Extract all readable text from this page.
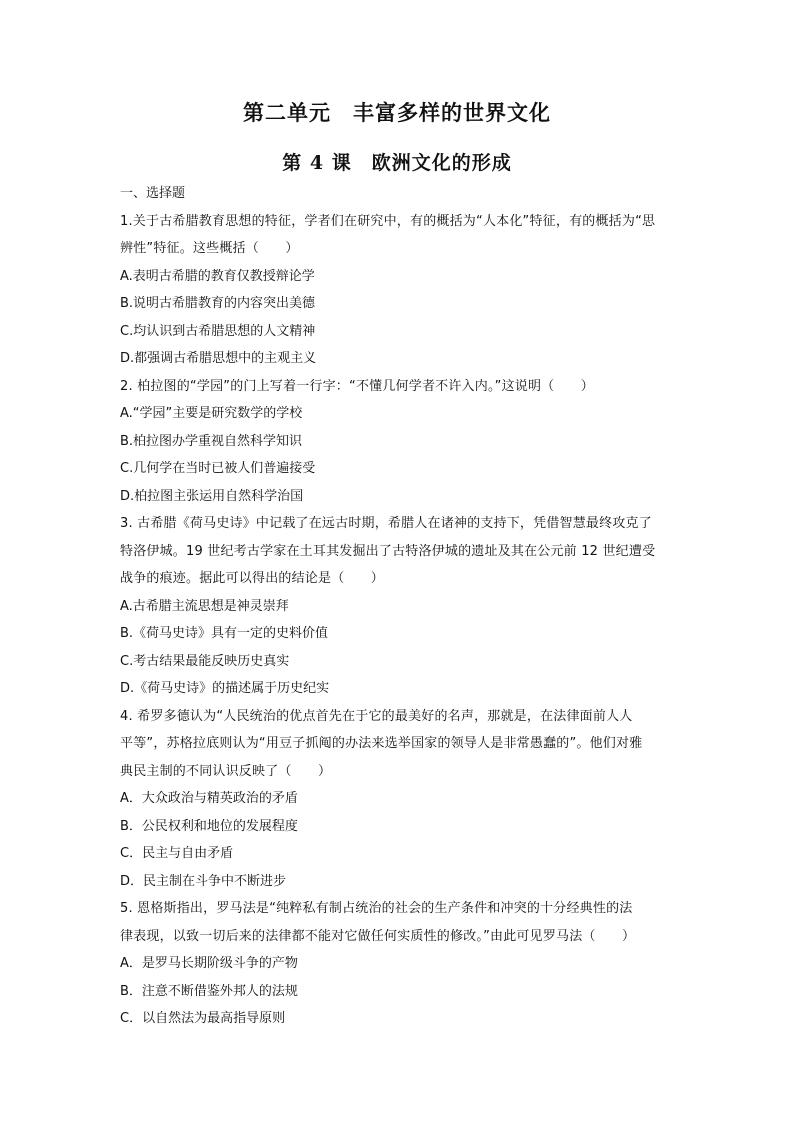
第二单元　丰富多样的世界文化
第 4 课　欧洲文化的形成
一、选择题
1.关于古希腊教育思想的特征，学者们在研究中，有的概括为“人本化”特征，有的概括为“思
辨性”特征。这些概括（　　）
A.表明古希腊的教育仅教授辩论学
B.说明古希腊教育的内容突出美德
C.均认识到古希腊思想的人文精神
D.都强调古希腊思想中的主观主义
2. 柏拉图的“学园”的门上写着一行字：“不懂几何学者不许入内。”这说明（　　）
A.“学园”主要是研究数学的学校
B.柏拉图办学重视自然科学知识
C.几何学在当时已被人们普遍接受
D.柏拉图主张运用自然科学治国
3. 古希腊《荷马史诗》中记载了在远古时期，希腊人在诸神的支持下，凭借智慧最终攻克了
特洛伊城。19 世纪考古学家在土耳其发掘出了古特洛伊城的遗址及其在公元前 12 世纪遭受
战争的痕迹。据此可以得出的结论是（　　）
A.古希腊主流思想是神灵崇拜
B.《荷马史诗》具有一定的史料价值
C.考古结果最能反映历史真实
D.《荷马史诗》的描述属于历史纪实
4. 希罗多德认为“人民统治的优点首先在于它的最美好的名声，那就是，在法律面前人人
平等”，苏格拉底则认为“用豆子抓阄的办法来选举国家的领导人是非常愚蠢的”。他们对雅
典民主制的不同认识反映了（　　）
A．大众政治与精英政治的矛盾
B．公民权利和地位的发展程度
C．民主与自由矛盾
D．民主制在斗争中不断进步
5. 恩格斯指出，罗马法是“纯粹私有制占统治的社会的生产条件和冲突的十分经典性的法
律表现，以致一切后来的法律都不能对它做任何实质性的修改。”由此可见罗马法（　　）
A．是罗马长期阶级斗争的产物
B．注意不断借鉴外邦人的法规
C．以自然法为最高指导原则
